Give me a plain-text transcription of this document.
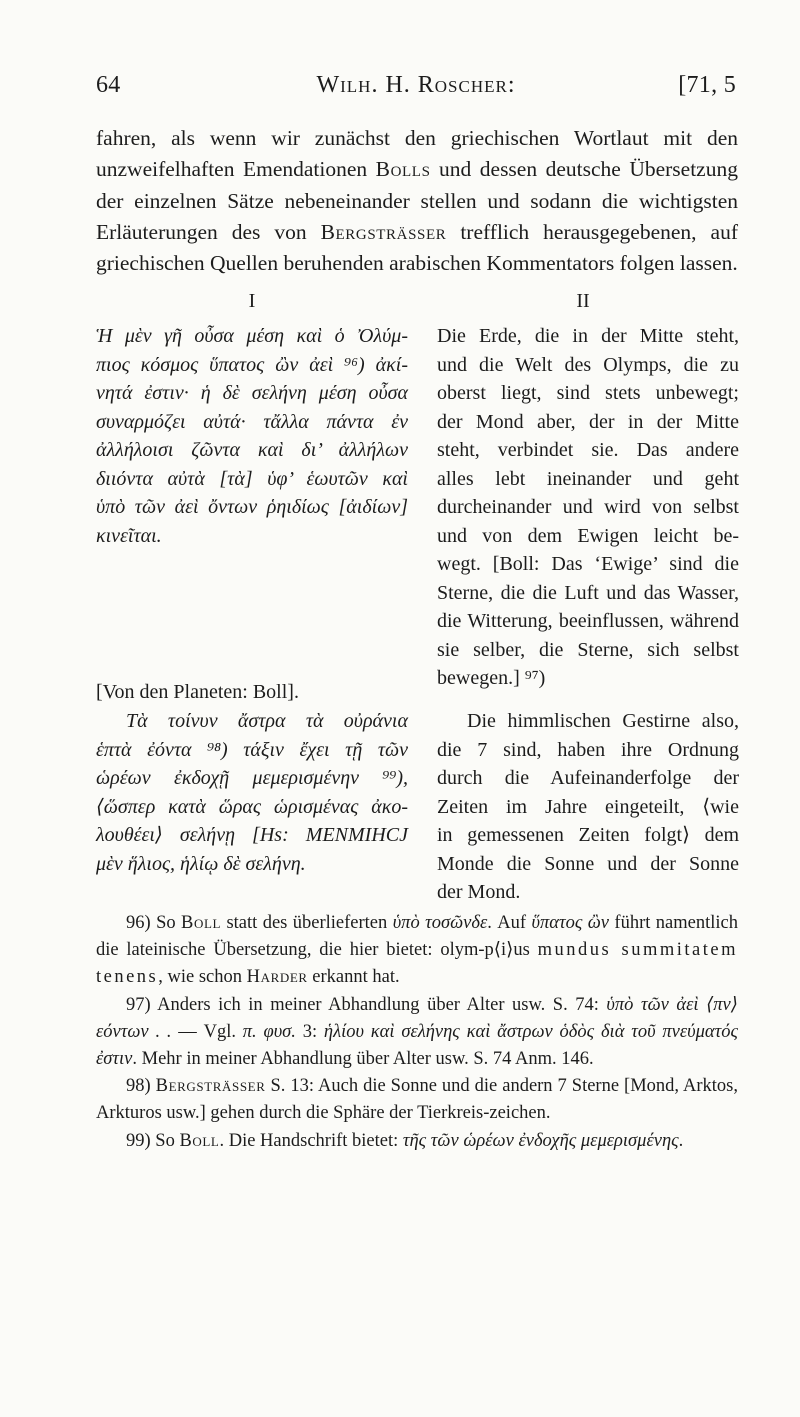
64	Wilh. H. Roscher:	[71, 5

fahren, als wenn wir zunächst den griechischen Wortlaut mit den unzweifelhaften Emendationen Bolls und dessen deutsche Übersetzung der einzelnen Sätze nebeneinander stellen und sodann die wichtigsten Erläuterungen des von Bergsträsser trefflich herausgegebenen, auf griechischen Quellen beruhenden arabischen Kommentators folgen lassen.

I	II
Ἡ μὲν γῆ οὖσα μέση καὶ ὁ Ὀλύμ-
πιος κόσμος ὕπατος ὢν ἀεὶ ⁹⁶) ἀκί-
νητά ἐστιν· ἡ δὲ σελήνη μέση οὖσα
συναρμόζει αὐτά· τἄλλα πάντα ἐν
ἀλλήλοισι ζῶντα καὶ δι’ ἀλλήλων
διιόντα αὐτὰ [τὰ] ὑφ’ ἑωυτῶν καὶ
ὑπὸ τῶν ἀεὶ ὄντων ῥηιδίως [ἀιδίων]
κινεῖται.
Die Erde, die in der Mitte steht,
und die Welt des Olymps, die zu
oberst liegt, sind stets unbewegt;
der Mond aber, der in der Mitte
steht, verbindet sie. Das andere
alles lebt ineinander und geht
durcheinander und wird von selbst
und von dem Ewigen leicht be-
wegt. [Boll: Das ‘Ewige’ sind die
Sterne, die die Luft und das Wasser,
die Witterung, beeinflussen, während
sie selber, die Sterne, sich selbst
bewegen.] ⁹⁷)
[Von den Planeten: Boll].
Τὰ τοίνυν ἄστρα τὰ οὐράνια
ἑπτὰ ἐόντα ⁹⁸) τάξιν ἔχει τῇ τῶν
ὡρέων ἐκδοχῇ μεμερισμένην ⁹⁹),
⟨ὥσπερ κατὰ ὥρας ὡρισμένας ἀκο-
λουθέει⟩ σελήνῃ [Hs: MENMIHCJ
μὲν ἥλιος, ἡλίῳ δὲ σελήνη.
Die himmlischen Gestirne also,
die 7 sind, haben ihre Ordnung
durch die Aufeinanderfolge der
Zeiten im Jahre eingeteilt, ⟨wie
in gemessenen Zeiten folgt⟩ dem
Monde die Sonne und der Sonne
der Mond.

96) So Boll statt des überlieferten ὑπὸ τοσῶνδε. Auf ὕπατος ὢν führt namentlich die lateinische Übersetzung, die hier bietet: olym-p⟨i⟩us mundus summitatem tenens, wie schon Harder erkannt hat.

97) Anders ich in meiner Abhandlung über Alter usw. S. 74: ὑπὸ τῶν ἀεὶ ⟨πν⟩εόντων . . — Vgl. π. φυσ. 3: ἡλίου καὶ σελήνης καὶ ἄστρων ὁδὸς διὰ τοῦ πνεύματός ἐστιν. Mehr in meiner Abhandlung über Alter usw. S. 74 Anm. 146.

98) Bergsträsser S. 13: Auch die Sonne und die andern 7 Sterne [Mond, Arktos, Arkturos usw.] gehen durch die Sphäre der Tierkreis-zeichen.

99) So Boll. Die Handschrift bietet: τῆς τῶν ὡρέων ἐνδοχῆς μεμερισμένης.
